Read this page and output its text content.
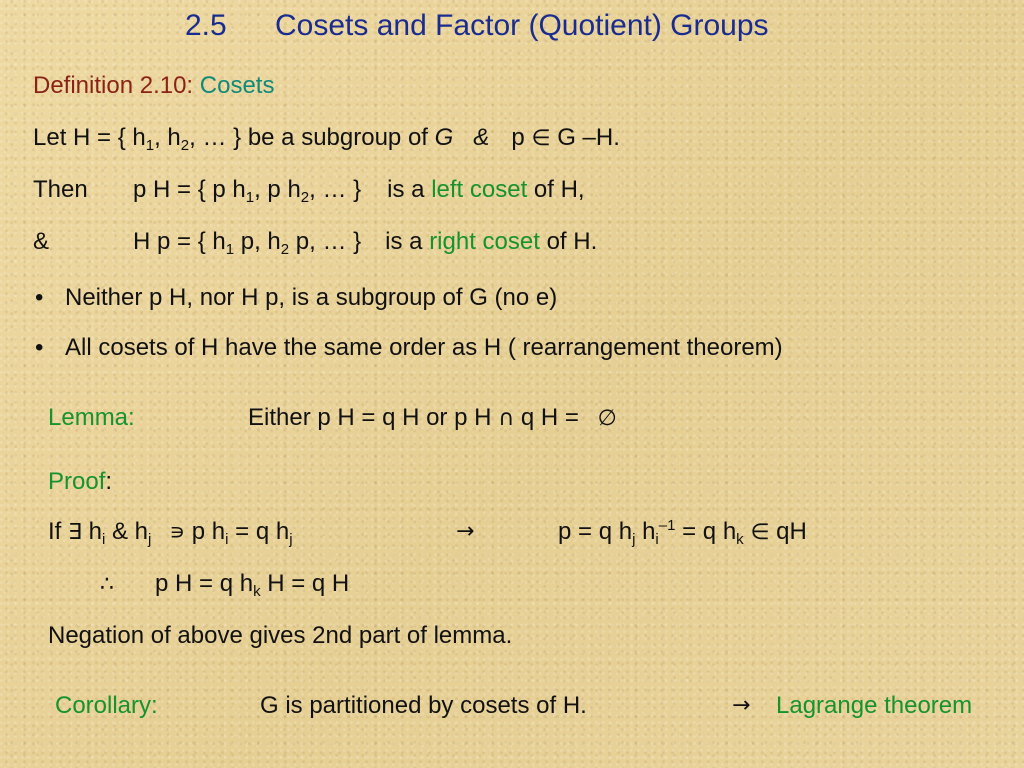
2.5 Cosets and Factor (Quotient) Groups
Definition 2.10: Cosets
Let H = { $h_1$, $h_2$, … } be a subgroup of G & p ∈ G –H.
Then p H = { p $h_1$, p $h_2$, … } is a left coset of H,
&	H p = { $h_1$ p, $h_2$ p, … } is a right coset of H.
• Neither p H, nor H p, is a subgroup of G (no e)
• All cosets of H have the same order as H ( rearrangement theorem)
Lemma:	Either p H = q H or p H ∩ q H = ∅
Proof:
If ∃ $h_i$ & $h_j$ ∍ p $h_i = q$ $h_j$	→	p = q $h_j$ $h_i^{-1} = q$ $h_k$ ∈ qH
∴ p H = q $h_k$ H = q H
Negation of above gives 2nd part of lemma.
Corollary:	G is partitioned by cosets of H.	→ Lagrange theorem
